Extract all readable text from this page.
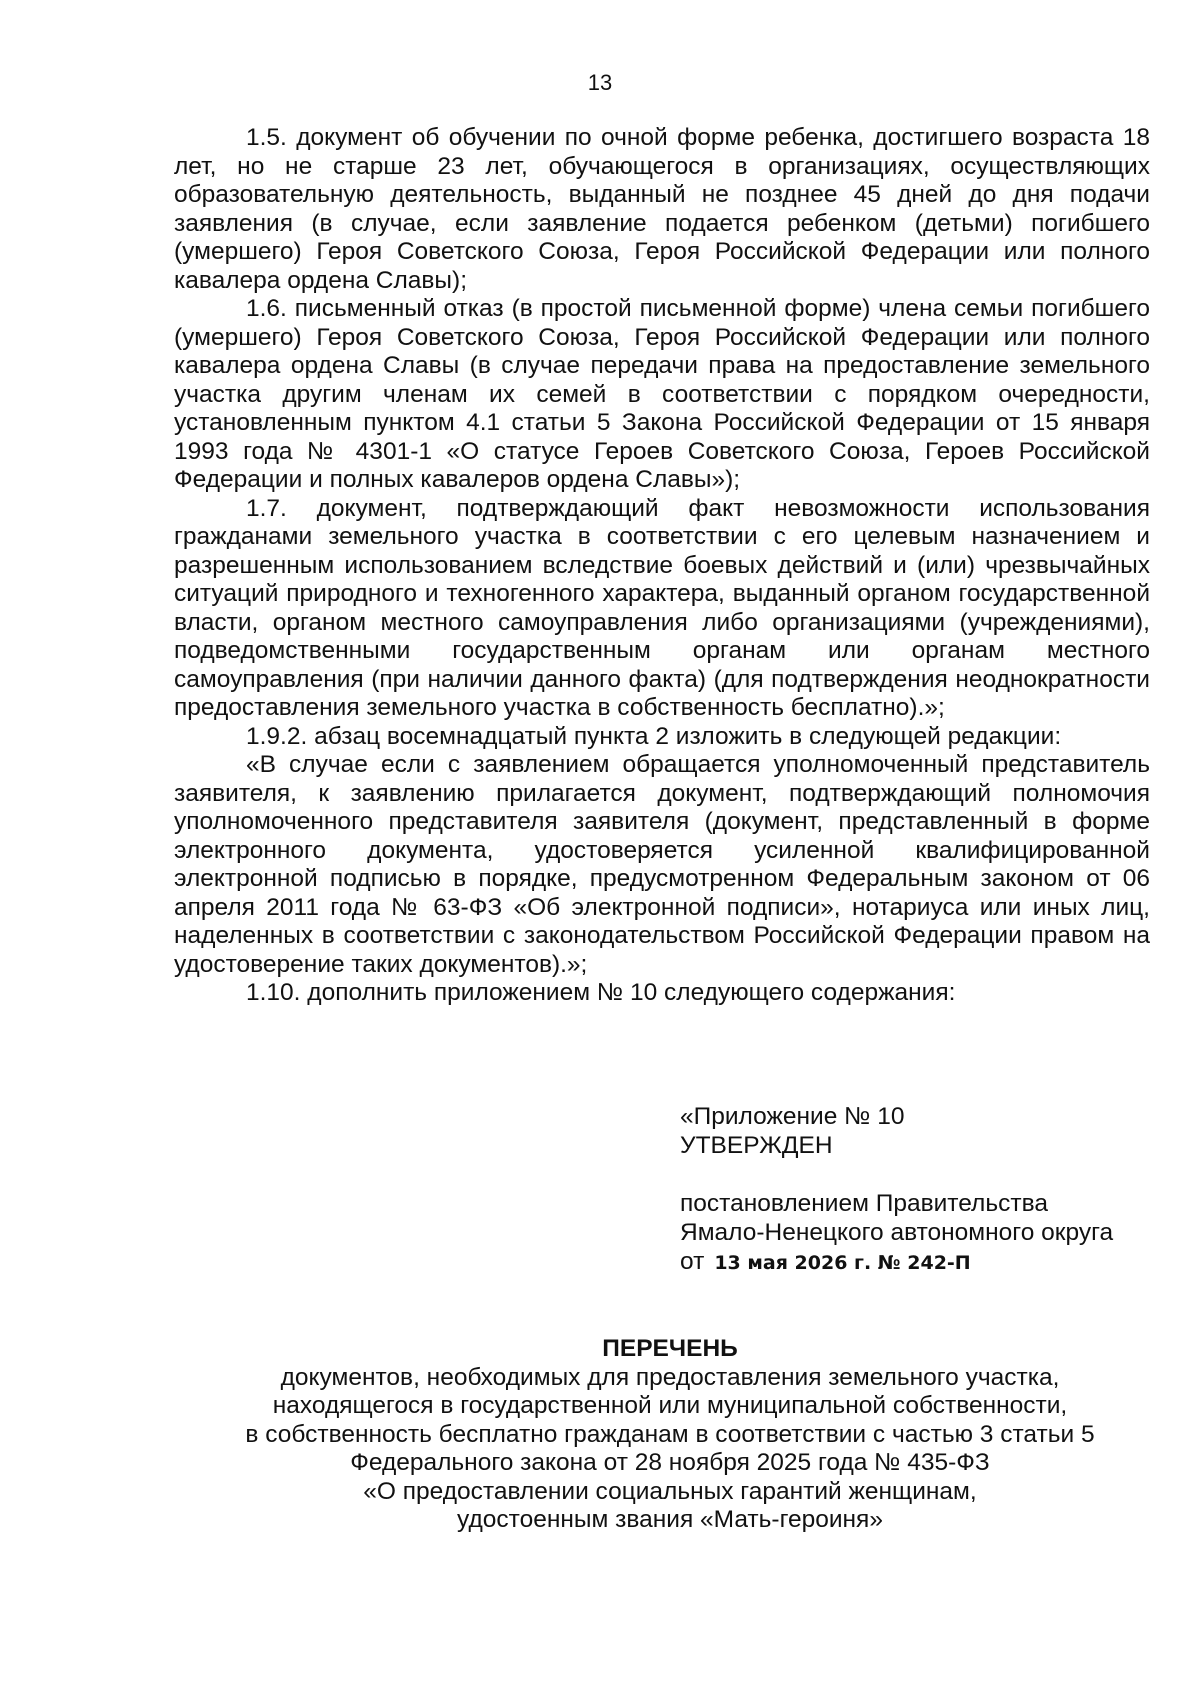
13

1.5. документ об обучении по очной форме ребенка, достигшего возраста 18 лет, но не старше 23 лет, обучающегося в организациях, осуществляющих образовательную деятельность, выданный не позднее 45 дней до дня подачи заявления (в случае, если заявление подается ребенком (детьми) погибшего (умершего) Героя Советского Союза, Героя Российской Федерации или полного кавалера ордена Славы);

1.6. письменный отказ (в простой письменной форме) члена семьи погибшего (умершего) Героя Советского Союза, Героя Российской Федерации или полного кавалера ордена Славы (в случае передачи права на предоставление земельного участка другим членам их семей в соответствии с порядком очередности, установленным пунктом 4.1 статьи 5 Закона Российской Федерации от 15 января 1993 года № 4301-1 «О статусе Героев Советского Союза, Героев Российской Федерации и полных кавалеров ордена Славы»);

1.7. документ, подтверждающий факт невозможности использования гражданами земельного участка в соответствии с его целевым назначением и разрешенным использованием вследствие боевых действий и (или) чрезвычайных ситуаций природного и техногенного характера, выданный органом государственной власти, органом местного самоуправления либо организациями (учреждениями), подведомственными государственным органам или органам местного самоуправления (при наличии данного факта) (для подтверждения неоднократности предоставления земельного участка в собственность бесплатно).»;

1.9.2. абзац восемнадцатый пункта 2 изложить в следующей редакции:

«В случае если с заявлением обращается уполномоченный представитель заявителя, к заявлению прилагается документ, подтверждающий полномочия уполномоченного представителя заявителя (документ, представленный в форме электронного документа, удостоверяется усиленной квалифицированной электронной подписью в порядке, предусмотренном Федеральным законом от 06 апреля 2011 года № 63-ФЗ «Об электронной подписи», нотариуса или иных лиц, наделенных в соответствии с законодательством Российской Федерации правом на удостоверение таких документов).»;

1.10. дополнить приложением № 10 следующего содержания:

«Приложение № 10
УТВЕРЖДЕН
постановлением Правительства
Ямало-Ненецкого автономного округа
от 13 мая 2026 г. № 242-П
ПЕРЕЧЕНЬ
документов, необходимых для предоставления земельного участка,
находящегося в государственной или муниципальной собственности,
в собственность бесплатно гражданам в соответствии с частью 3 статьи 5
Федерального закона от 28 ноября 2025 года № 435-ФЗ
«О предоставлении социальных гарантий женщинам,
удостоенным звания «Мать-героиня»
